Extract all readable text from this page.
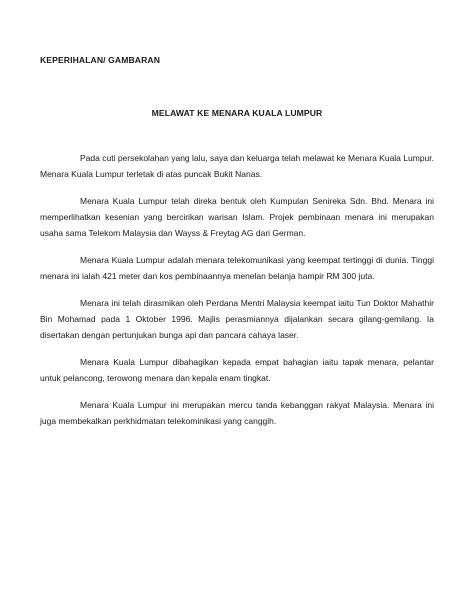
KEPERIHALAN/ GAMBARAN
MELAWAT KE MENARA KUALA LUMPUR

Pada cuti persekolahan yang lalu, saya dan keluarga telah melawat ke Menara Kuala Lumpur. Menara Kuala Lumpur terletak di atas puncak Bukit Nanas.

Menara Kuala Lumpur telah direka bentuk oleh Kumpulan Senireka Sdn. Bhd. Menara ini memperlihatkan kesenian yang bercirikan warisan Islam. Projek pembinaan menara ini merupakan usaha sama Telekom Malaysia dan Wayss & Freytag AG dari German.

Menara Kuala Lumpur adalah menara telekomunikasi yang keempat tertinggi di dunia. Tinggi menara ini ialah 421 meter dan kos pembinaannya menelan belanja hampir RM 300 juta.

Menara ini telah dirasmikan oleh Perdana Mentri Malaysia keempat iaitu Tun Doktor Mahathir Bin Mohamad pada 1 Oktober 1996. Majlis perasmiannya dijalankan secara gilang-gemilang. Ia disertakan dengan pertunjukan bunga api dan pancara cahaya laser.

Menara Kuala Lumpur dibahagikan kepada empat bahagian iaitu tapak menara, pelantar untuk pelancong, terowong menara dan kepala enam tingkat.

Menara Kuala Lumpur ini merupakan mercu tanda kebanggan rakyat Malaysia. Menara ini juga membekalkan perkhidmatan telekominikasi yang canggih.
